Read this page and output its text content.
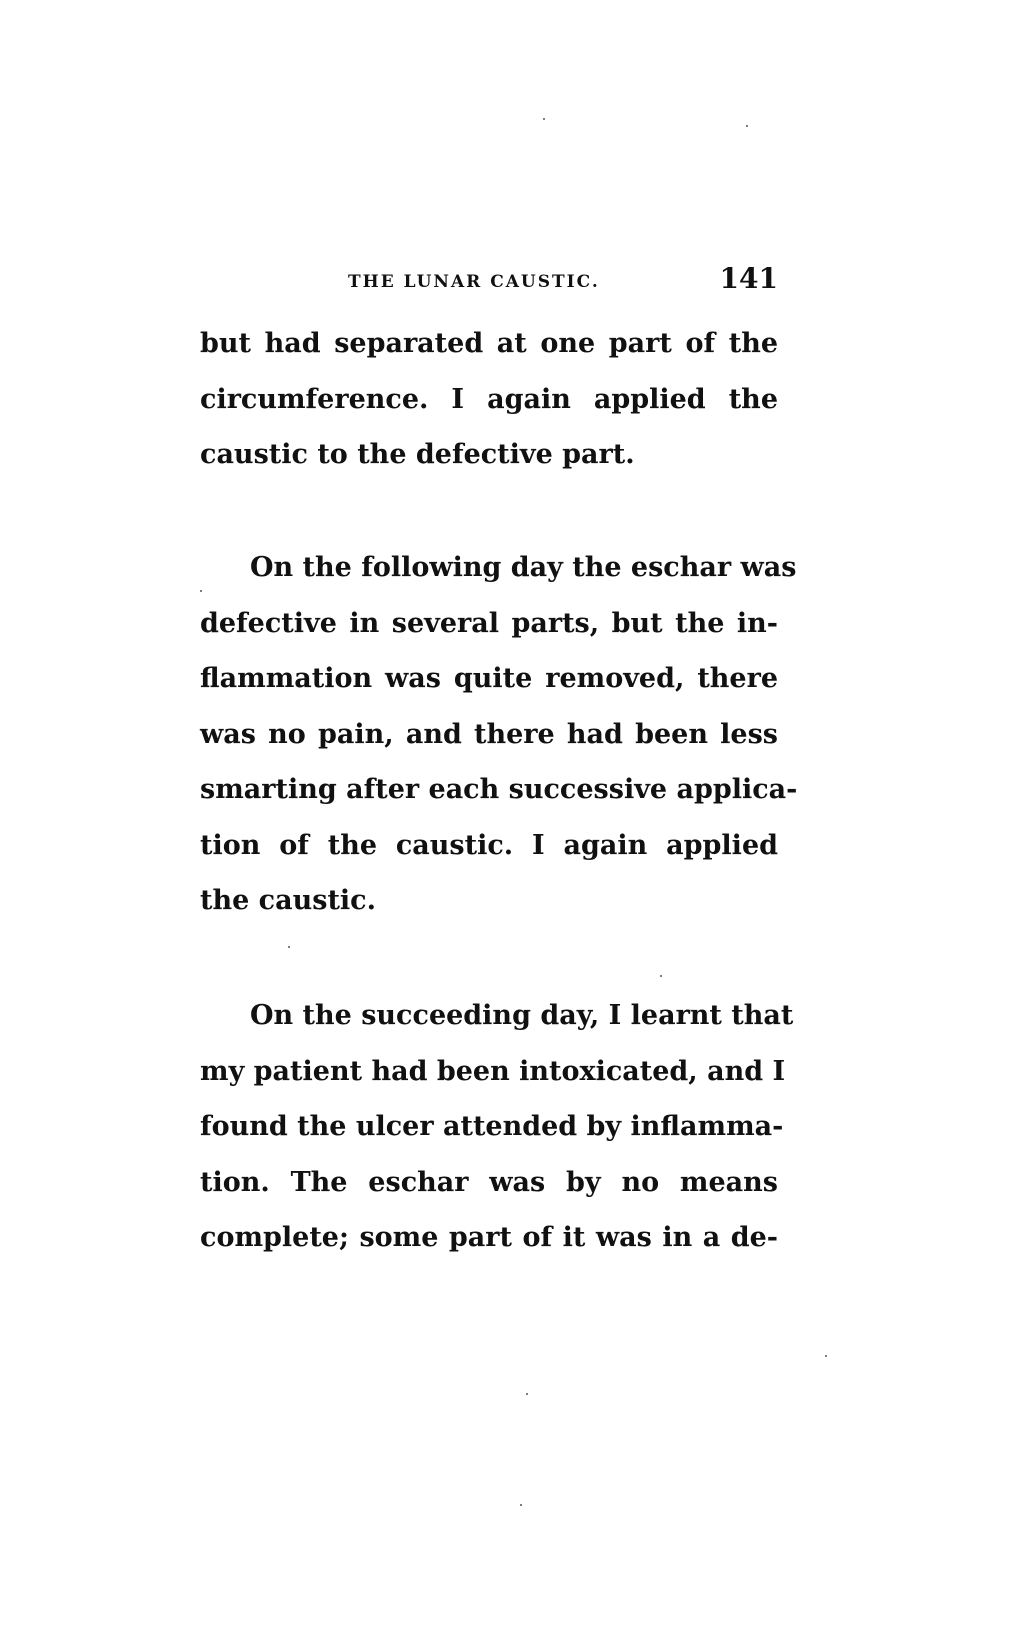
THE LUNAR CAUSTIC.	141
but had separated at one part of the
circumference. I again applied the
caustic to the defective part.
On the following day the eschar was
defective in several parts, but the in-
flammation was quite removed, there
was no pain, and there had been less
smarting after each successive applica-
tion of the caustic. I again applied
the caustic.
On the succeeding day, I learnt that
my patient had been intoxicated, and I
found the ulcer attended by inflamma-
tion. The eschar was by no means
complete; some part of it was in a de-
